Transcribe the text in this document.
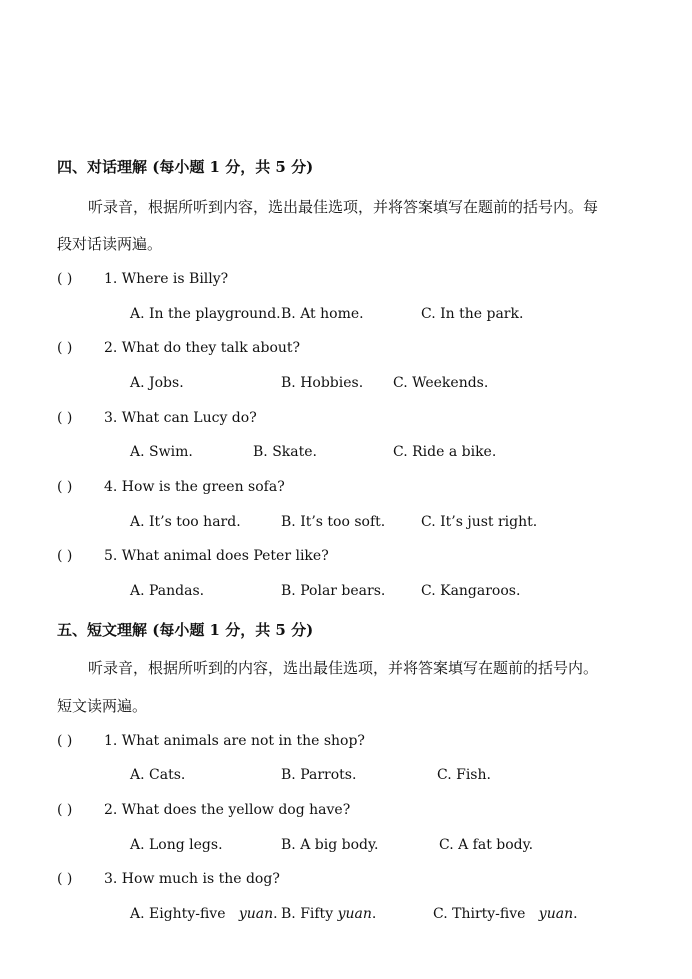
四、对话理解 (每小题 1 分，共 5 分)
听录音，根据所听到内容，选出最佳选项，并将答案填写在题前的括号内。每
段对话读两遍。
( ) 1. Where is Billy?
A. In the playground. B. At home.	C. In the park.
( ) 2. What do they talk about?
A. Jobs.	B. Hobbies. C. Weekends.
( ) 3. What can Lucy do?
A. Swim.	B. Skate.	C. Ride a bike.
( ) 4. How is the green sofa?
A. It’s too hard.	B. It’s too soft.	C. It’s just right.
( ) 5. What animal does Peter like?
A. Pandas.	B. Polar bears.	C. Kangaroos.
五、短文理解 (每小题 1 分，共 5 分)
听录音，根据所听到的内容，选出最佳选项，并将答案填写在题前的括号内。
短文读两遍。
( ) 1. What animals are not in the shop?
A. Cats.	B. Parrots.	C. Fish.
( ) 2. What does the yellow dog have?
A. Long legs.	B. A big body.	C. A fat body.
( ) 3. How much is the dog?
A. Eighty-five yuan. B. Fifty yuan.	C. Thirty-five yuan.
